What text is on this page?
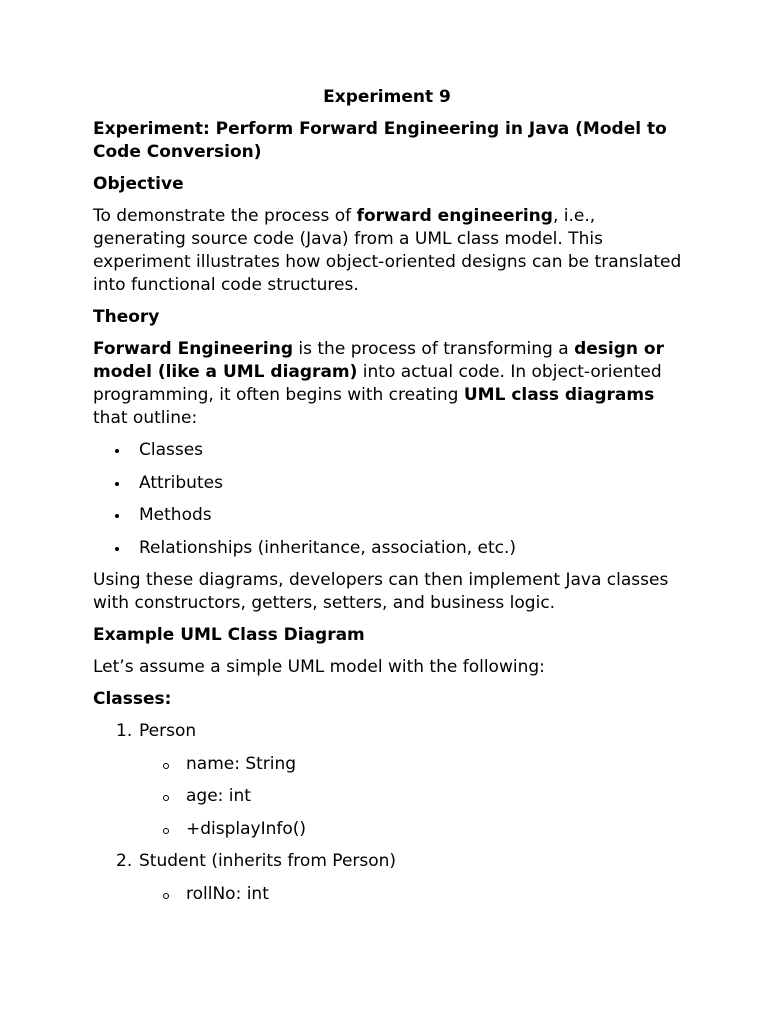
Experiment 9
Experiment: Perform Forward Engineering in Java (Model to Code Conversion)
Objective
To demonstrate the process of forward engineering, i.e., generating source code (Java) from a UML class model. This experiment illustrates how object-oriented designs can be translated into functional code structures.
Theory
Forward Engineering is the process of transforming a design or model (like a UML diagram) into actual code. In object-oriented programming, it often begins with creating UML class diagrams that outline:
Classes
Attributes
Methods
Relationships (inheritance, association, etc.)
Using these diagrams, developers can then implement Java classes with constructors, getters, setters, and business logic.
Example UML Class Diagram
Let’s assume a simple UML model with the following:
Classes:
1. Person
name: String
age: int
+displayInfo()
2. Student (inherits from Person)
rollNo: int
